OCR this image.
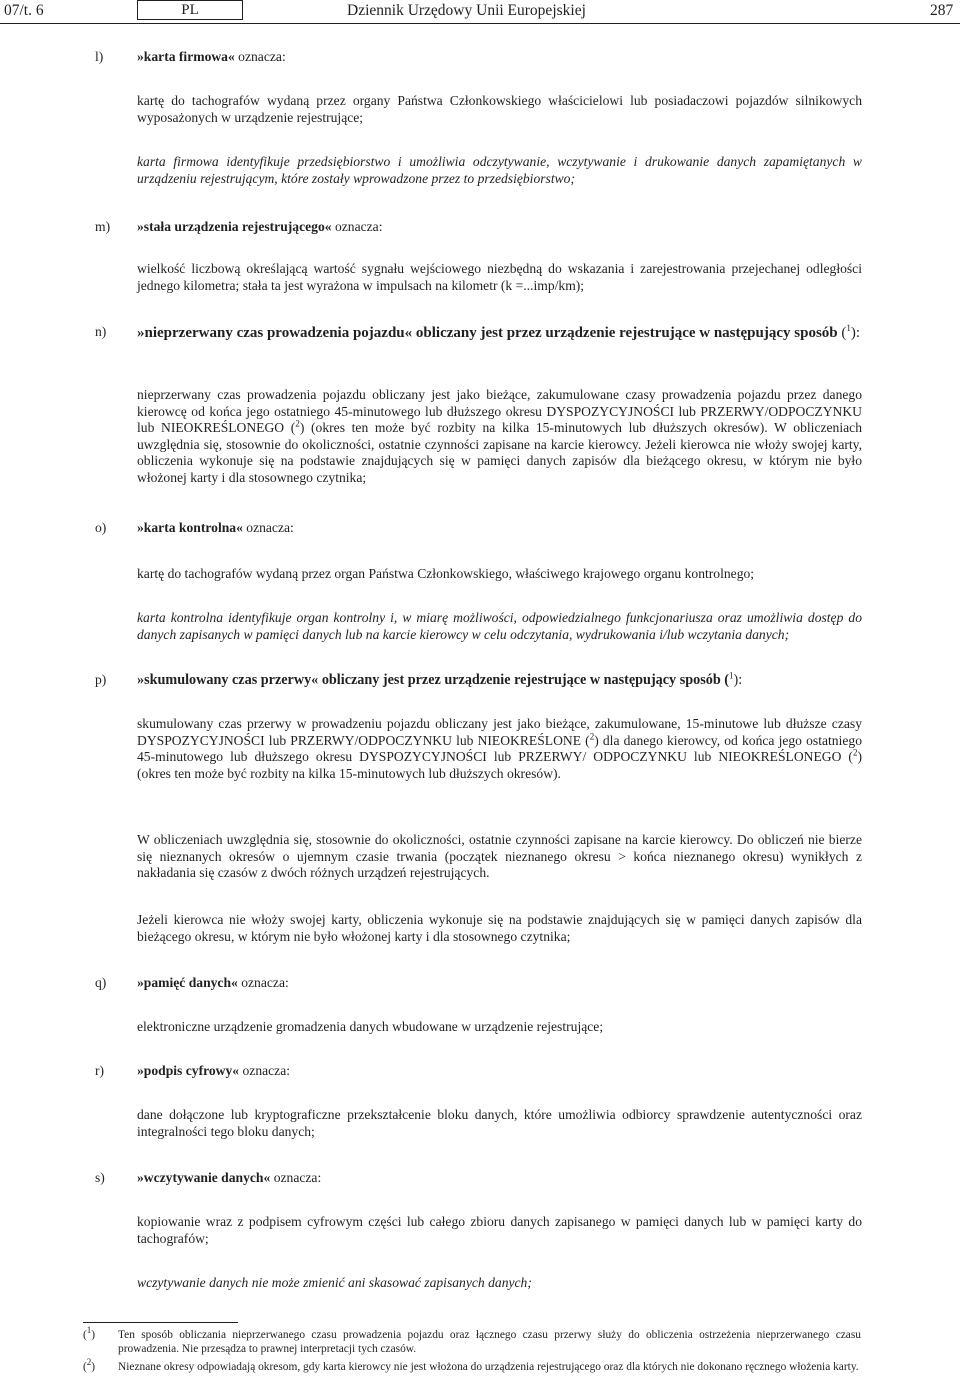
07/t. 6	PL	Dziennik Urzędowy Unii Europejskiej	287
l) »karta firmowa« oznacza:
kartę do tachografów wydaną przez organy Państwa Członkowskiego właścicielowi lub posiadaczowi pojazdów silnikowych wyposażonych w urządzenie rejestrujące;
karta firmowa identyfikuje przedsiębiorstwo i umożliwia odczytywanie, wczytywanie i drukowanie danych zapamiętanych w urządzeniu rejestrującym, które zostały wprowadzone przez to przedsiębiorstwo;
m) »stała urządzenia rejestrującego« oznacza:
wielkość liczbową określającą wartość sygnału wejściowego niezbędną do wskazania i zarejestrowania przejechanej odległości jednego kilometra; stała ta jest wyrażona w impulsach na kilometr (k =...imp/km);
n) »nieprzerwany czas prowadzenia pojazdu« obliczany jest przez urządzenie rejestrujące w następujący sposób ($^1$):
nieprzerwany czas prowadzenia pojazdu obliczany jest jako bieżące, zakumulowane czasy prowadzenia pojazdu przez danego kierowcę od końca jego ostatniego 45-minutowego lub dłuższego okresu DYSPOZYCYJNOŚCI lub PRZERWY/ODPOCZYNKU lub NIEOKREŚLONEGO ($^2$) (okres ten może być rozbity na kilka 15-minutowych lub dłuższych okresów). W obliczeniach uwzględnia się, stosownie do okoliczności, ostatnie czynności zapisane na karcie kierowcy. Jeżeli kierowca nie włoży swojej karty, obliczenia wykonuje się na podstawie znajdujących się w pamięci danych zapisów dla bieżącego okresu, w którym nie było włożonej karty i dla stosownego czytnika;
o) »karta kontrolna« oznacza:
kartę do tachografów wydaną przez organ Państwa Członkowskiego, właściwego krajowego organu kontrolnego;
karta kontrolna identyfikuje organ kontrolny i, w miarę możliwości, odpowiedzialnego funkcjonariusza oraz umożliwia dostęp do danych zapisanych w pamięci danych lub na karcie kierowcy w celu odczytania, wydrukowania i/lub wczytania danych;
p) »skumulowany czas przerwy« obliczany jest przez urządzenie rejestrujące w następujący sposób ($^1$):
skumulowany czas przerwy w prowadzeniu pojazdu obliczany jest jako bieżące, zakumulowane, 15-minutowe lub dłuższe czasy DYSPOZYCYJNOŚCI lub PRZERWY/ODPOCZYNKU lub NIEOKREŚLONE ($^2$) dla danego kierowcy, od końca jego ostatniego 45-minutowego lub dłuższego okresu DYSPOZYCYJNOŚCI lub PRZERWY/ ODPOCZYNKU lub NIEOKREŚLONEGO ($^2$) (okres ten może być rozbity na kilka 15-minutowych lub dłuższych okresów).
W obliczeniach uwzględnia się, stosownie do okoliczności, ostatnie czynności zapisane na karcie kierowcy. Do obliczeń nie bierze się nieznanych okresów o ujemnym czasie trwania (początek nieznanego okresu > końca nieznanego okresu) wynikłych z nakładania się czasów z dwóch różnych urządzeń rejestrujących.
Jeżeli kierowca nie włoży swojej karty, obliczenia wykonuje się na podstawie znajdujących się w pamięci danych zapisów dla bieżącego okresu, w którym nie było włożonej karty i dla stosownego czytnika;
q) »pamięć danych« oznacza:
elektroniczne urządzenie gromadzenia danych wbudowane w urządzenie rejestrujące;
r) »podpis cyfrowy« oznacza:
dane dołączone lub kryptograficzne przekształcenie bloku danych, które umożliwia odbiorcy sprawdzenie autentyczności oraz integralności tego bloku danych;
s) »wczytywanie danych« oznacza:
kopiowanie wraz z podpisem cyfrowym części lub całego zbioru danych zapisanego w pamięci danych lub w pamięci karty do tachografów;
wczytywanie danych nie może zmienić ani skasować zapisanych danych;
($^1$) Ten sposób obliczania nieprzerwanego czasu prowadzenia pojazdu oraz łącznego czasu przerwy służy do obliczenia ostrzeżenia nieprzerwanego czasu prowadzenia. Nie przesądza to prawnej interpretacji tych czasów.
($^2$) Nieznane okresy odpowiadają okresom, gdy karta kierowcy nie jest włożona do urządzenia rejestrującego oraz dla których nie dokonano ręcznego włożenia karty.
